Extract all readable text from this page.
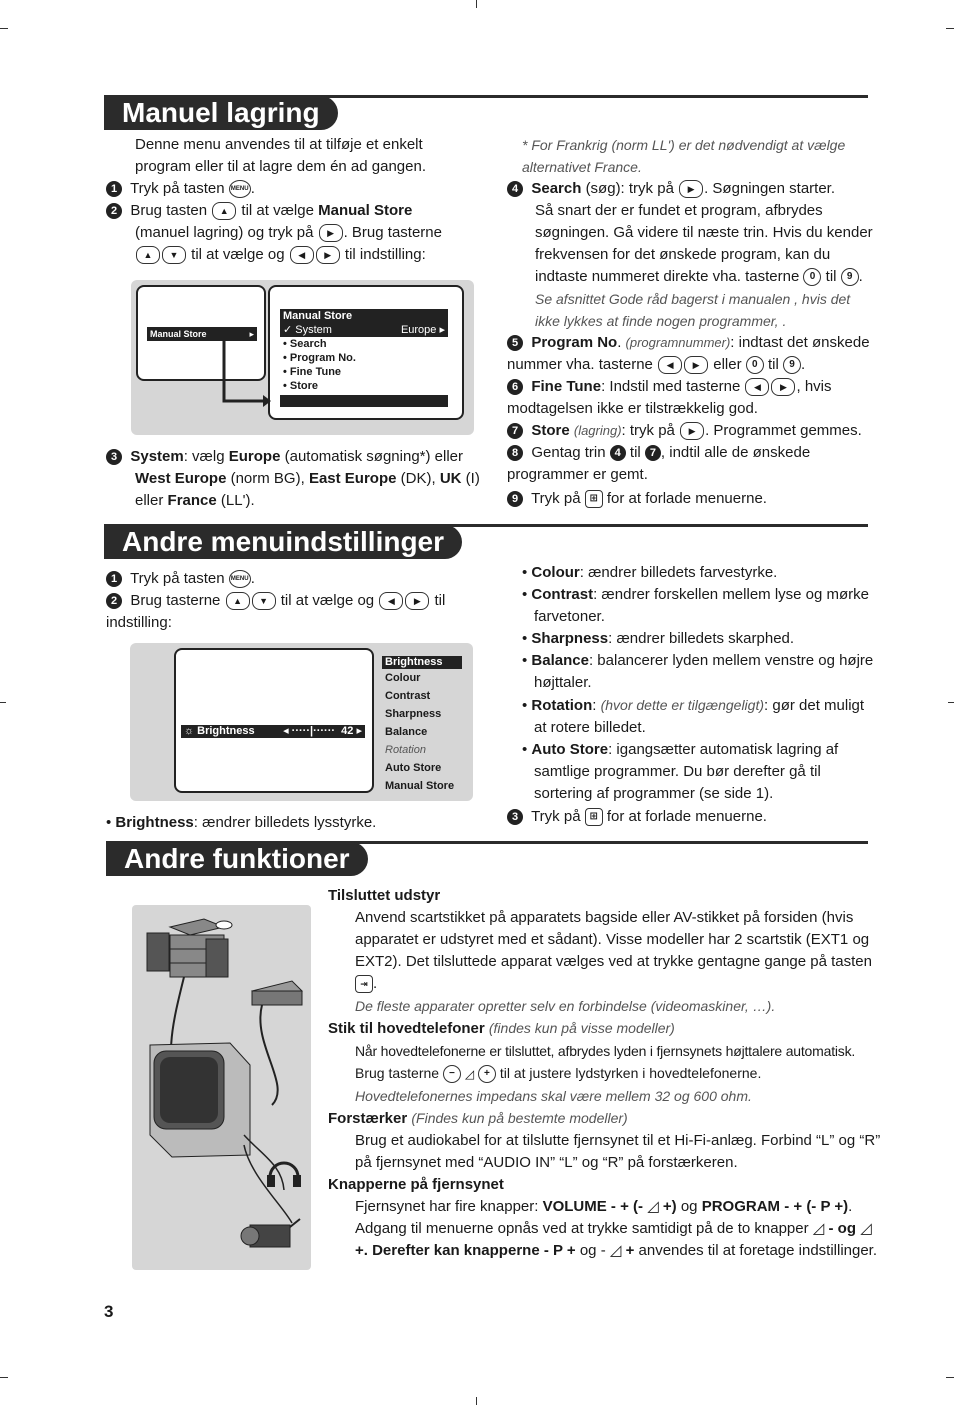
Manuel lagring
Denne menu anvendes til at tilføje et enkelt program eller til at lagre dem én ad gangen.
1 Tryk på tasten MENU .
2 Brug tasten ▲ til at vælge Manual Store
(manuel lagring) og tryk på ▶ . Brug tasterne
▲ ▼ til at vælge og ◀ ▶ til indstilling:
Manual Store	▸
Manual Store
✓ System	Europe ▸
• Search
• Program No.
• Fine Tune
• Store
3 System: vælg Europe (automatisk søgning*) eller
West Europe (norm BG), East Europe (DK), UK (I) eller France (LL').
* For Frankrig (norm LL') er det nødvendigt at vælge alternativet France.
4 Search (søg): tryk på ▶ . Søgningen starter.
Så snart der er fundet et program, afbrydes søgningen. Gå videre til næste trin. Hvis du kender frekvensen for det ønskede program, kan du indtaste nummeret direkte vha. tasterne 0 til 9 .
Se afsnittet Gode råd bagerst i manualen , hvis det ikke lykkes at finde nogen programmer, .
5 Program No. (programnummer): indtast det ønskede nummer vha. tasterne ◀ ▶ eller 0 til 9 .
6 Fine Tune: Indstil med tasterne ◀ ▶ , hvis modtagelsen ikke er tilstrækkelig god.
7 Store (lagring): tryk på ▶ . Programmet gemmes.
8 Gentag trin 4 til 7 , indtil alle de ønskede programmer er gemt.
9 Tryk på ⊞ for at forlade menuerne.
Andre menuindstillinger
1 Tryk på tasten MENU .
2 Brug tasterne ▲ ▼ til at vælge og ◀ ▶ til indstilling:
☼ Brightness	◂ ·····|······ 42 ▸
Brightness
Colour
Contrast
Sharpness
Balance
Rotation
Auto Store
Manual Store
• Brightness: ændrer billedets lysstyrke.
• Colour: ændrer billedets farvestyrke.
• Contrast: ændrer forskellen mellem lyse og mørke farvetoner.
• Sharpness: ændrer billedets skarphed.
• Balance: balancerer lyden mellem venstre og højre højttaler.
• Rotation: (hvor dette er tilgængeligt): gør det muligt at rotere billedet.
• Auto Store: igangsætter automatisk lagring af samtlige programmer. Du bør derefter gå til sortering af programmer (se side 1).
3 Tryk på ⊞ for at forlade menuerne.
Andre funktioner
Tilsluttet udstyr
Anvend scartstikket på apparatets bagside eller AV-stikket på forsiden (hvis apparatet er udstyret med et sådant). Visse modeller har 2 scartstik (EXT1 og EXT2). Det tilsluttede apparat vælges ved at trykke gentagne gange på tasten ⇥ .
De fleste apparater opretter selv en forbindelse (videomaskiner, …).
Stik til hovedtelefoner (findes kun på visse modeller)
Når hovedtelefonerne er tilsluttet, afbrydes lyden i fjernsynets højttalere automatisk.
Brug tasterne − ◿ + til at justere lydstyrken i hovedtelefonerne.
Hovedtelefonernes impedans skal være mellem 32 og 600 ohm.
Forstærker (Findes kun på bestemte modeller)
Brug et audiokabel for at tilslutte fjernsynet til et Hi-Fi-anlæg. Forbind “L” og “R” på fjernsynet med “AUDIO IN” “L” og “R” på forstærkeren.
Knapperne på fjernsynet
Fjernsynet har fire knapper: VOLUME - + (- ◿ +) og PROGRAM - + (- P +). Adgang til menuerne opnås ved at trykke samtidigt på de to knapper ◿ - og ◿ +. Derefter kan knapperne - P + og - ◿ + anvendes til at foretage indstillinger.
3
